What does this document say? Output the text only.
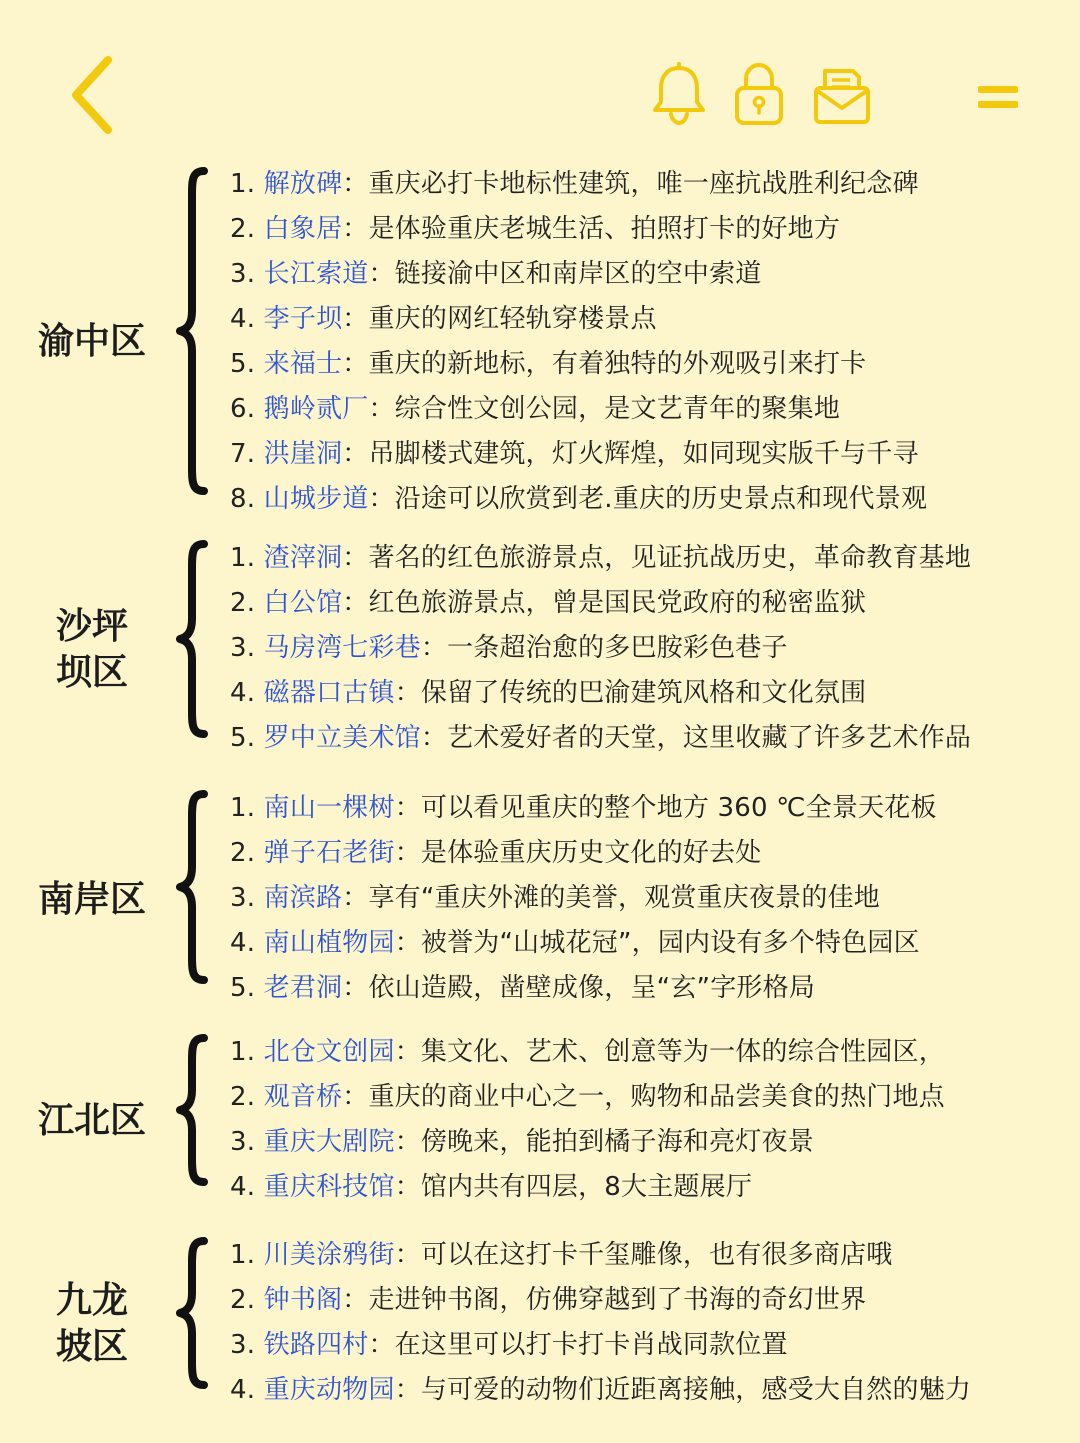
渝中区
1. 解放碑：重庆必打卡地标性建筑，唯一座抗战胜利纪念碑
2. 白象居：是体验重庆老城生活、拍照打卡的好地方
3. 长江索道：链接渝中区和南岸区的空中索道
4. 李子坝：重庆的网红轻轨穿楼景点
5. 来福士：重庆的新地标，有着独特的外观吸引来打卡
6. 鹅岭贰厂：综合性文创公园，是文艺青年的聚集地
7. 洪崖洞：吊脚楼式建筑，灯火辉煌，如同现实版千与千寻
8. 山城步道：沿途可以欣赏到老.重庆的历史景点和现代景观
沙坪
坝区
1. 渣滓洞：著名的红色旅游景点，见证抗战历史，革命教育基地
2. 白公馆：红色旅游景点，曾是国民党政府的秘密监狱
3. 马房湾七彩巷：一条超治愈的多巴胺彩色巷子
4. 磁器口古镇：保留了传统的巴渝建筑风格和文化氛围
5. 罗中立美术馆：艺术爱好者的天堂，这里收藏了许多艺术作品
南岸区
1. 南山一棵树：可以看见重庆的整个地方 360 ℃全景天花板
2. 弹子石老街：是体验重庆历史文化的好去处
3. 南滨路：享有“重庆外滩的美誉，观赏重庆夜景的佳地
4. 南山植物园：被誉为“山城花冠”，园内设有多个特色园区
5. 老君洞：依山造殿，凿壁成像，呈“玄”字形格局
江北区
1. 北仓文创园：集文化、艺术、创意等为一体的综合性园区，
2. 观音桥：重庆的商业中心之一，购物和品尝美食的热门地点
3. 重庆大剧院：傍晚来，能拍到橘子海和亮灯夜景
4. 重庆科技馆：馆内共有四层，8大主题展厅
九龙
坡区
1. 川美涂鸦街：可以在这打卡千玺雕像，也有很多商店哦
2. 钟书阁：走进钟书阁，仿佛穿越到了书海的奇幻世界
3. 铁路四村：在这里可以打卡打卡肖战同款位置
4. 重庆动物园：与可爱的动物们近距离接触，感受大自然的魅力
